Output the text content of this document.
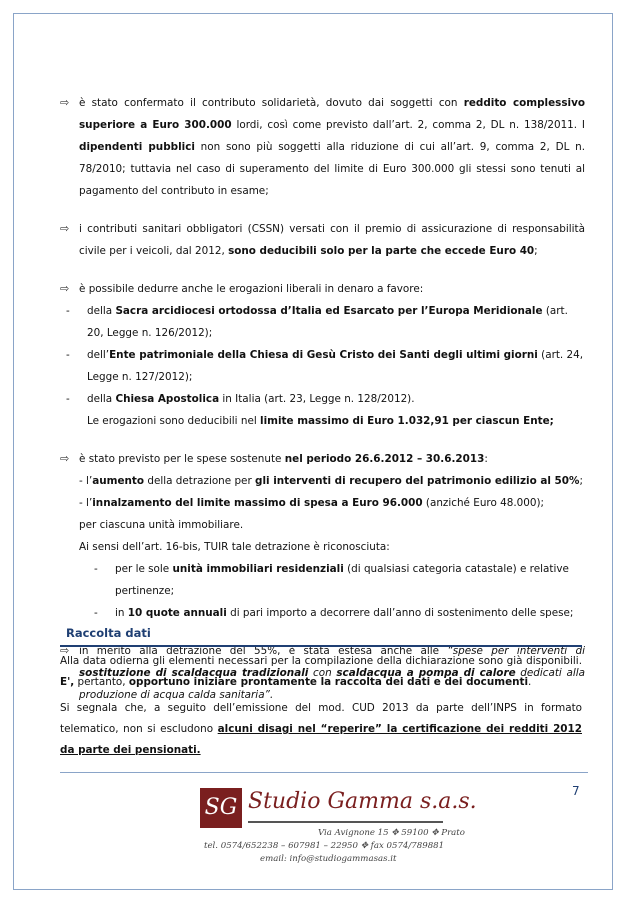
⇨ è stato confermato il contributo solidarietà, dovuto dai soggetti con reddito complessivo superiore a Euro 300.000 lordi, così come previsto dall’art. 2, comma 2, DL n. 138/2011. I dipendenti pubblici non sono più soggetti alla riduzione di cui all’art. 9, comma 2, DL n. 78/2010; tuttavia nel caso di superamento del limite di Euro 300.000 gli stessi sono tenuti al pagamento del contributo in esame;
⇨ i contributi sanitari obbligatori (CSSN) versati con il premio di assicurazione di responsabilità civile per i veicoli, dal 2012, sono deducibili solo per la parte che eccede Euro 40;
⇨ è possibile dedurre anche le erogazioni liberali in denaro a favore:
- della Sacra arcidiocesi ortodossa d’Italia ed Esarcato per l’Europa Meridionale (art. 20, Legge n. 126/2012);
- dell’Ente patrimoniale della Chiesa di Gesù Cristo dei Santi degli ultimi giorni (art. 24, Legge n. 127/2012);
- della Chiesa Apostolica in Italia (art. 23, Legge n. 128/2012).
Le erogazioni sono deducibili nel limite massimo di Euro 1.032,91 per ciascun Ente;
⇨ è stato previsto per le spese sostenute nel periodo 26.6.2012 – 30.6.2013:
- l’aumento della detrazione per gli interventi di recupero del patrimonio edilizio al 50%;
- l’innalzamento del limite massimo di spesa a Euro 96.000 (anziché Euro 48.000);
per ciascuna unità immobiliare.
Ai sensi dell’art. 16-bis, TUIR tale detrazione è riconosciuta:
- per le sole unità immobiliari residenziali (di qualsiasi categoria catastale) e relative pertinenze;
- in 10 quote annuali di pari importo a decorrere dall’anno di sostenimento delle spese;
⇨ in merito alla detrazione del 55%, è stata estesa anche alle “spese per interventi di sostituzione di scaldacqua tradizionali con scaldacqua a pompa di calore dedicati alla produzione di acqua calda sanitaria”.
Raccolta dati
Alla data odierna gli elementi necessari per la compilazione della dichiarazione sono già disponibili. E', pertanto, opportuno iniziare prontamente la raccolta dei dati e dei documenti.
Si segnala che, a seguito dell’emissione del mod. CUD 2013 da parte dell’INPS in formato telematico, non si escludono alcuni disagi nel “reperire” la certificazione dei redditi 2012 da parte dei pensionati.
7
SG Studio Gamma s.a.s.
Via Avignone 15 ✥ 59100 ✥ Prato
tel. 0574/652238 – 607981 – 22950 ✥ fax 0574/789881
email: info@studiogammasas.it
